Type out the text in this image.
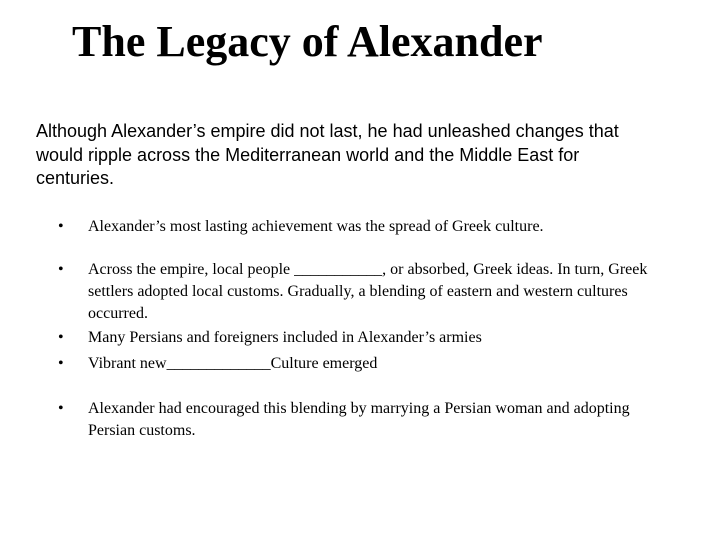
The Legacy of Alexander

Although Alexander’s empire did not last, he had unleashed changes that would ripple across the Mediterranean world and the Middle East for centuries.

•	Alexander’s most lasting achievement was the spread of Greek culture.
•	Across the empire, local people ___________, or absorbed, Greek ideas. In turn, Greek settlers adopted local customs. Gradually, a blending of eastern and western cultures occurred.
•	Many Persians and foreigners included in Alexander’s armies
•	Vibrant new_____________Culture emerged
•	Alexander had encouraged this blending by marrying a Persian woman and adopting Persian customs.
